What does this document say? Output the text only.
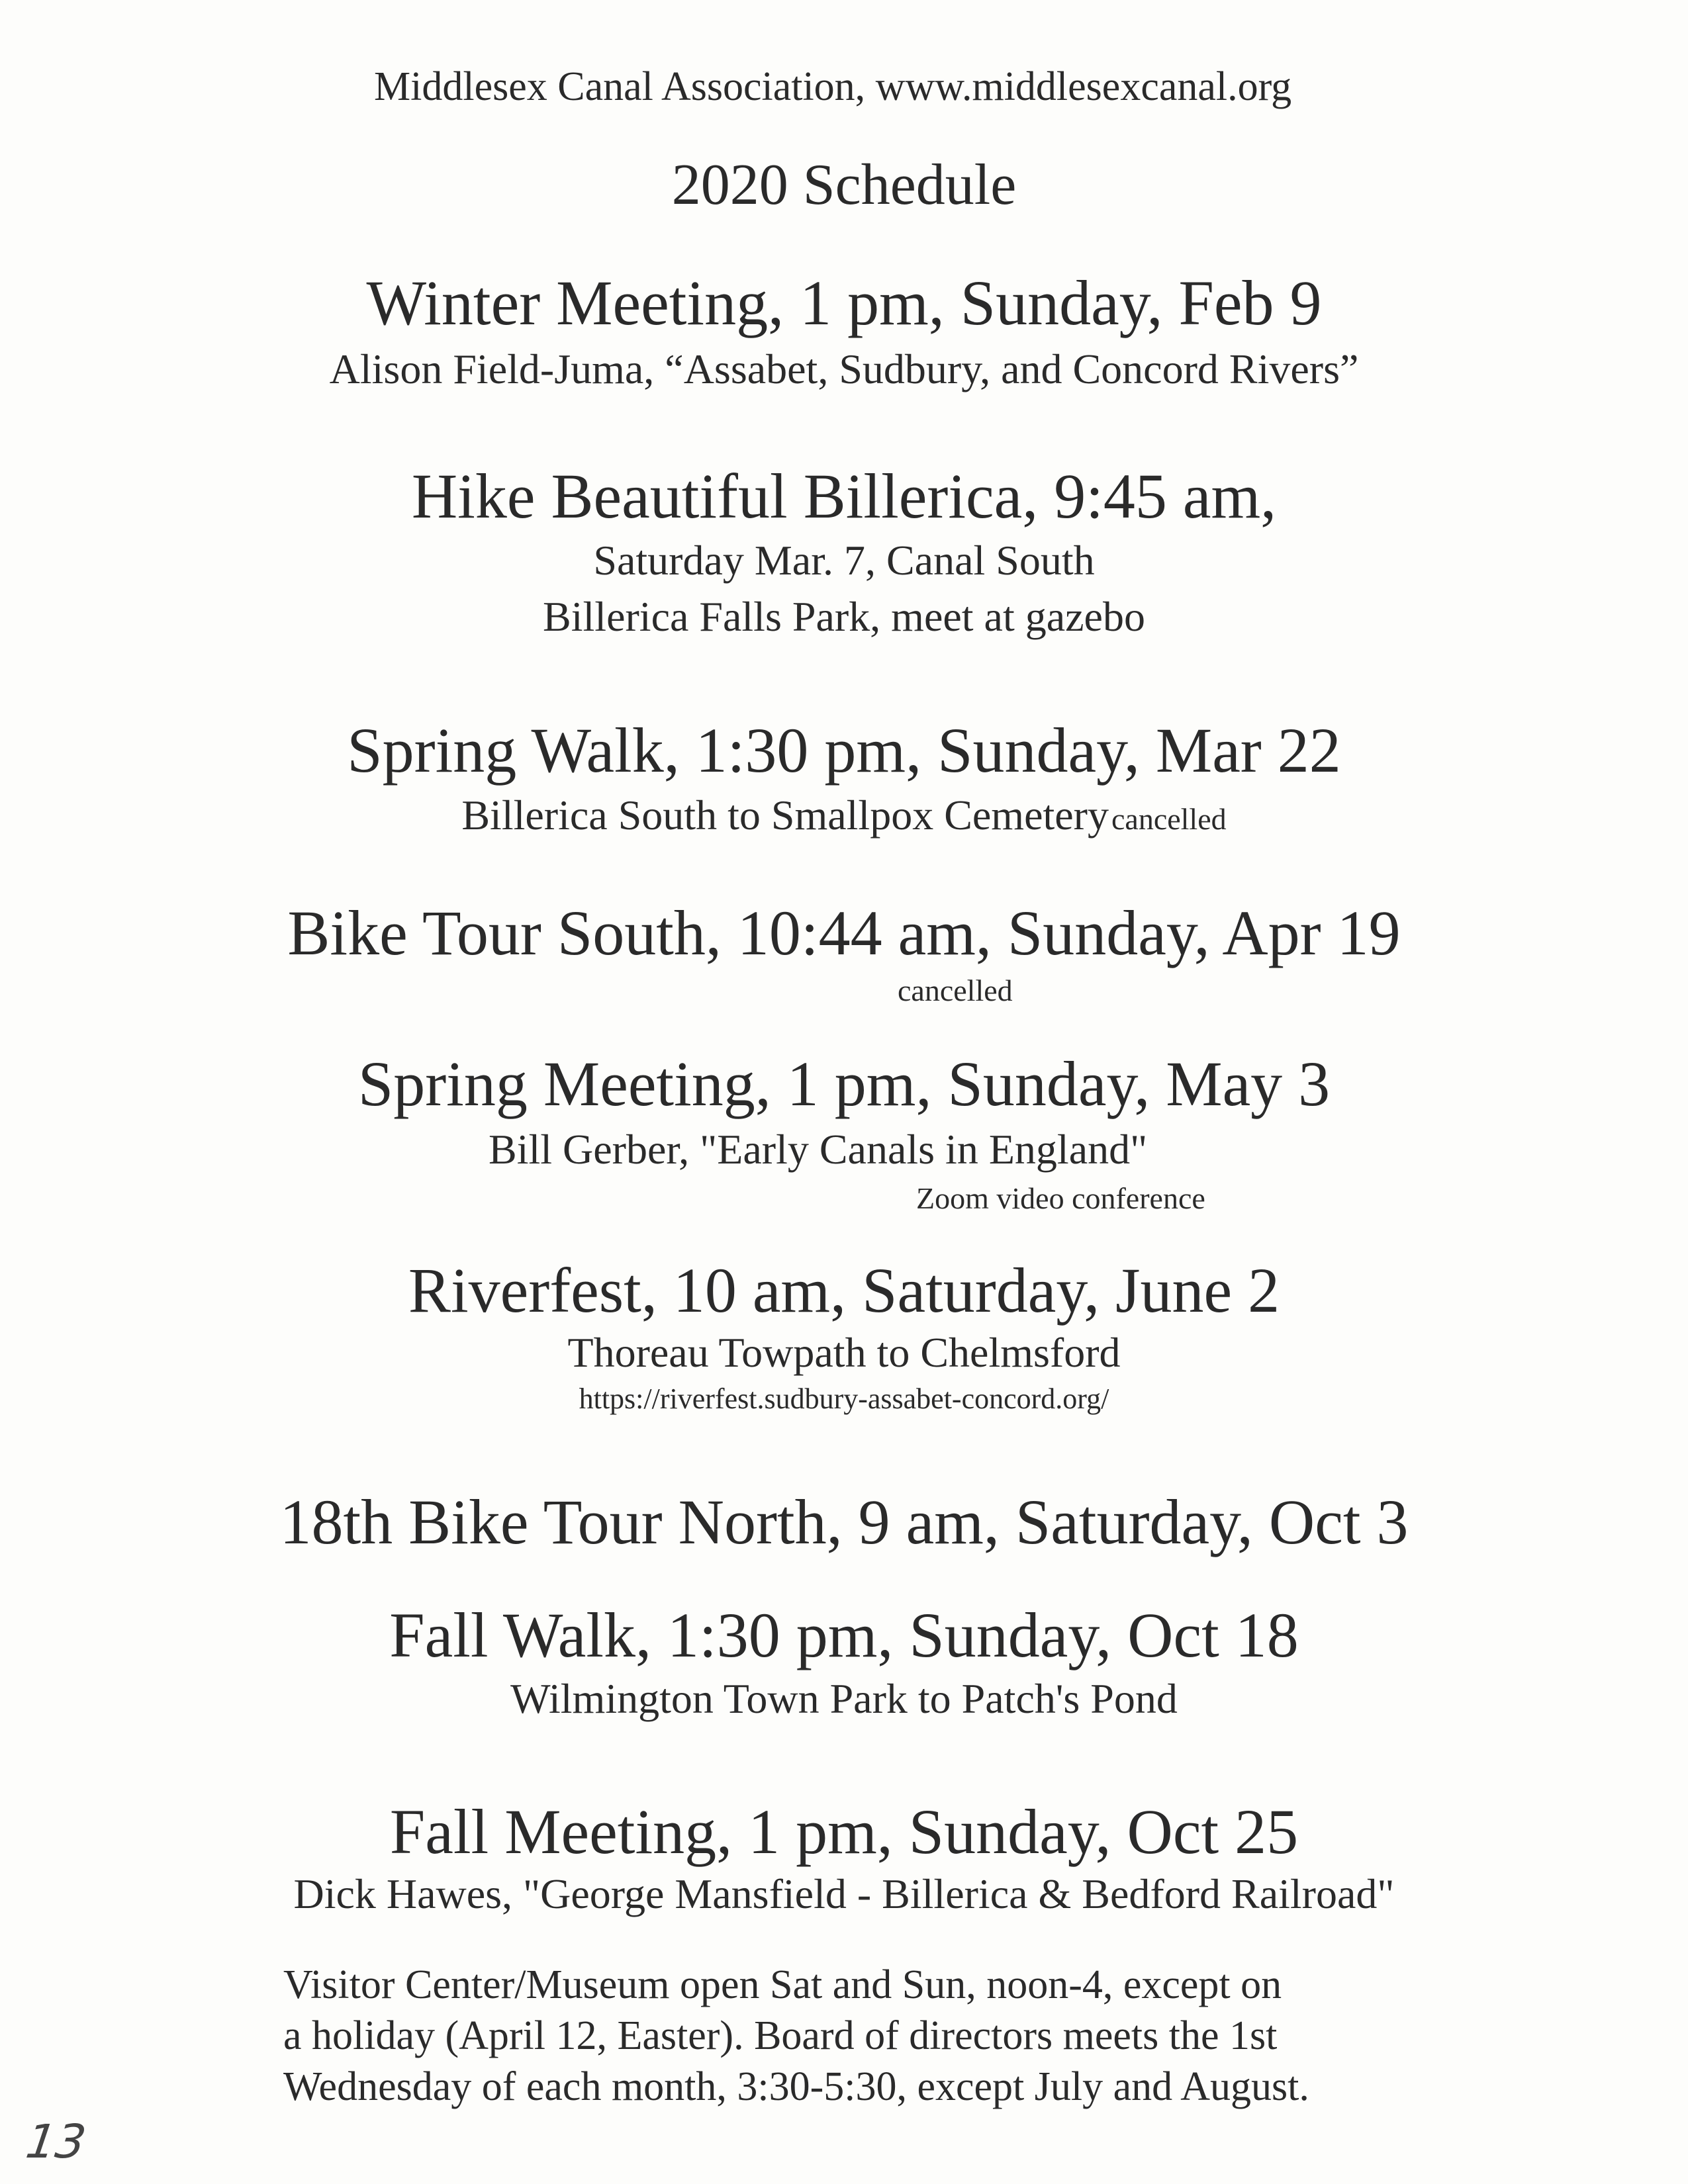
Middlesex Canal Association, www.middlesexcanal.org
2020 Schedule
Winter Meeting, 1 pm, Sunday, Feb 9
Alison Field-Juma, “Assabet, Sudbury, and Concord Rivers”
Hike Beautiful Billerica, 9:45 am,
Saturday Mar. 7, Canal South
Billerica Falls Park, meet at gazebo
Spring Walk, 1:30 pm, Sunday, Mar 22
Billerica South to Smallpox Cemetery cancelled
Bike Tour South, 10:44 am, Sunday, Apr 19
cancelled
Spring Meeting, 1 pm, Sunday, May 3
Bill Gerber, "Early Canals in England"
Zoom video conference
Riverfest, 10 am, Saturday, June 2
Thoreau Towpath to Chelmsford
https://riverfest.sudbury-assabet-concord.org/
18th Bike Tour North, 9 am, Saturday, Oct 3
Fall Walk, 1:30 pm, Sunday, Oct 18
Wilmington Town Park to Patch's Pond
Fall Meeting, 1 pm, Sunday, Oct 25
Dick Hawes, "George Mansfield - Billerica & Bedford Railroad"
Visitor Center/Museum open Sat and Sun, noon-4, except on
a holiday (April 12, Easter). Board of directors meets the 1st
Wednesday of each month, 3:30-5:30, except July and August.
13
